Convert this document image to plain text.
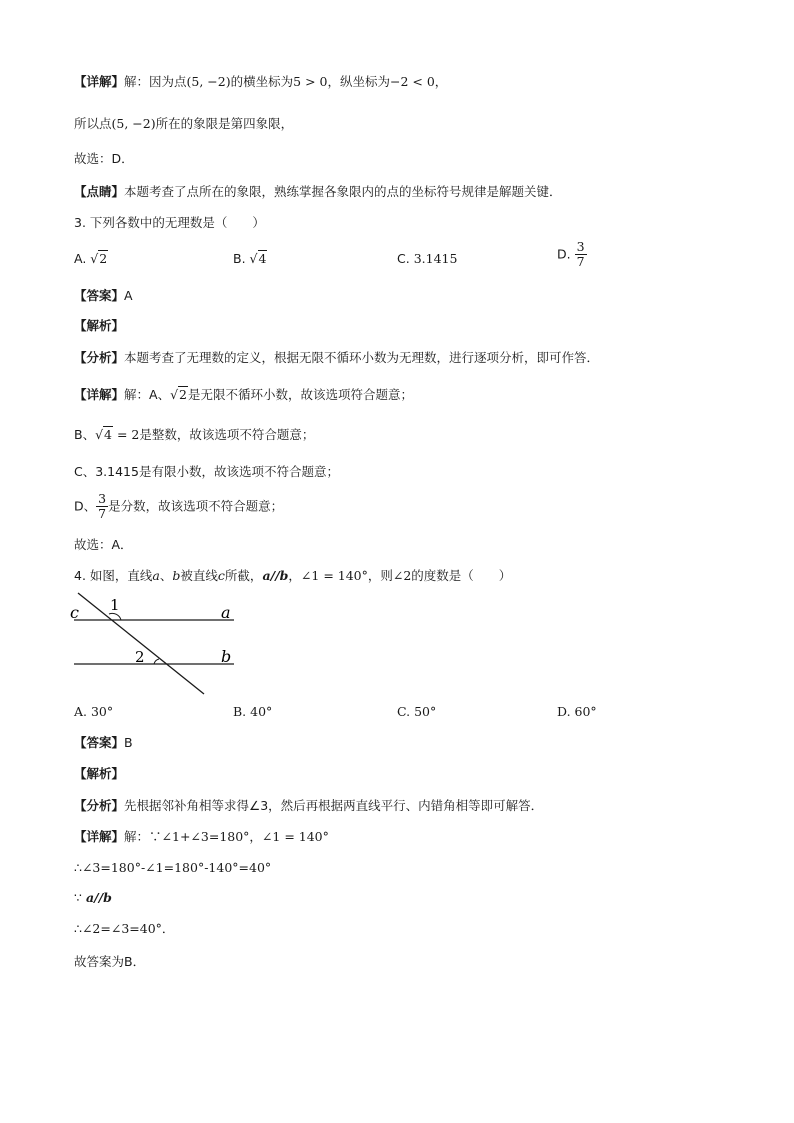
【详解】解：因为点(5, −2)的横坐标为5 > 0，纵坐标为−2 < 0，
所以点(5, −2)所在的象限是第四象限，
故选：D．
【点睛】本题考查了点所在的象限，熟练掌握各象限内的点的坐标符号规律是解题关键．
3. 下列各数中的无理数是（　　）
A. √2	B. √4	C. 3.1415	D. $\frac{3}{7}$
【答案】A
【解析】
【分析】本题考查了无理数的定义，根据无限不循环小数为无理数，进行逐项分析，即可作答．
【详解】解：A、√2是无限不循环小数，故该选项符合题意；
B、√4 = 2是整数，故该选项不符合题意；
C、3.1415是有限小数，故该选项不符合题意；
D、 $\frac{3}{7}$ 是分数，故该选项不符合题意；
故选：A．
4. 如图，直线a、b被直线c所截，a//b，∠1 = 140°，则∠2的度数是（　　）
c 1	a
2	b
A. 30°	B. 40°	C. 50°	D. 60°
【答案】B
【解析】
【分析】先根据邻补角相等求得∠3，然后再根据两直线平行、内错角相等即可解答．
【详解】解：∵∠1+∠3=180°，∠1 = 140°
∴∠3=180°-∠1=180°-140°=40°
∵ a//b
∴∠2=∠3=40°．
故答案为B．
